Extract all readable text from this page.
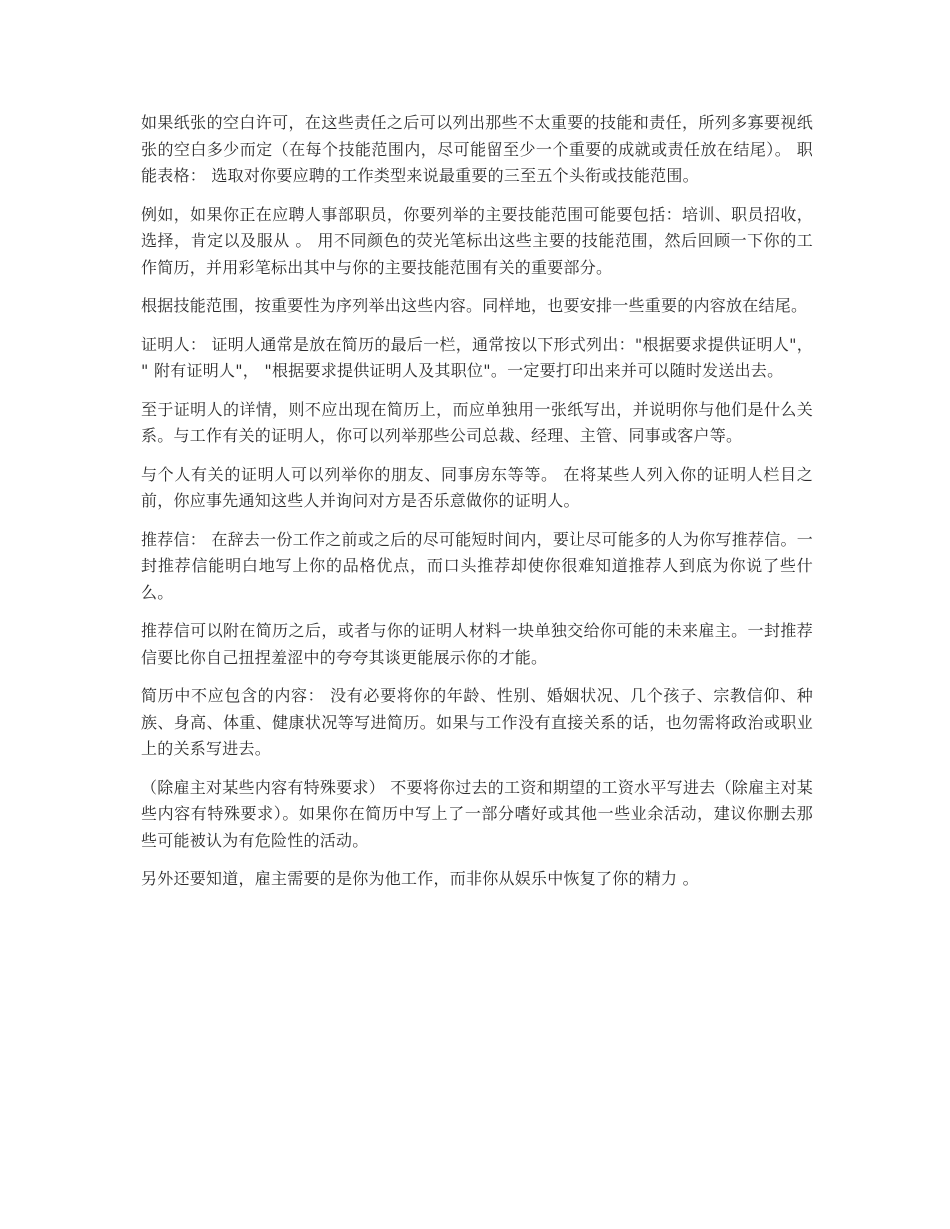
如果纸张的空白许可，在这些责任之后可以列出那些不太重要的技能和责任，所列多寡要视纸张的空白多少而定（在每个技能范围内，尽可能留至少一个重要的成就或责任放在结尾）。 职能表格： 选取对你要应聘的工作类型来说最重要的三至五个头衔或技能范围。

例如，如果你正在应聘人事部职员，你要列举的主要技能范围可能要包括：培训、职员招收，选择，肯定以及服从 。 用不同颜色的荧光笔标出这些主要的技能范围，然后回顾一下你的工作简历，并用彩笔标出其中与你的主要技能范围有关的重要部分。

根据技能范围，按重要性为序列举出这些内容。同样地，也要安排一些重要的内容放在结尾。

证明人： 证明人通常是放在简历的最后一栏，通常按以下形式列出："根据要求提供证明人"， " 附有证明人"， "根据要求提供证明人及其职位"。一定要打印出来并可以随时发送出去。

至于证明人的详情，则不应出现在简历上，而应单独用一张纸写出，并说明你与他们是什么关系。与工作有关的证明人，你可以列举那些公司总裁、经理、主管、同事或客户等。

与个人有关的证明人可以列举你的朋友、同事房东等等。 在将某些人列入你的证明人栏目之前，你应事先通知这些人并询问对方是否乐意做你的证明人。

推荐信： 在辞去一份工作之前或之后的尽可能短时间内，要让尽可能多的人为你写推荐信。一封推荐信能明白地写上你的品格优点，而口头推荐却使你很难知道推荐人到底为你说了些什么。

推荐信可以附在简历之后，或者与你的证明人材料一块单独交给你可能的未来雇主。一封推荐信要比你自己扭捏羞涩中的夸夸其谈更能展示你的才能。

简历中不应包含的内容： 没有必要将你的年龄、性别、婚姻状况、几个孩子、宗教信仰、种族、身高、体重、健康状况等写进简历。如果与工作没有直接关系的话，也勿需将政治或职业上的关系写进去。

（除雇主对某些内容有特殊要求） 不要将你过去的工资和期望的工资水平写进去（除雇主对某些内容有特殊要求）。如果你在简历中写上了一部分嗜好或其他一些业余活动，建议你删去那些可能被认为有危险性的活动。

另外还要知道，雇主需要的是你为他工作，而非你从娱乐中恢复了你的精力 。
